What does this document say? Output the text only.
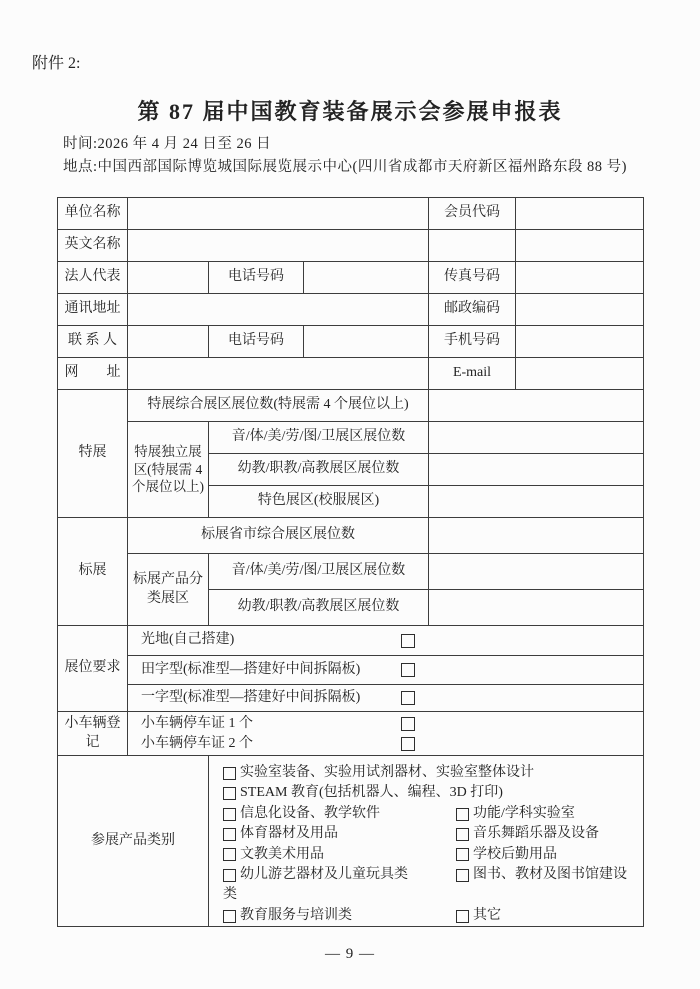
附件 2:
第 87 届中国教育装备展示会参展申报表
时间:2026 年 4 月 24 日至 26 日
地点:中国西部国际博览城国际展览展示中心(四川省成都市天府新区福州路东段 88 号)
单位名称				会员代码	
英文名称					
法人代表		电话号码		传真号码	
通讯地址				邮政编码	
联 系 人		电话号码		手机号码	
网　　址				E-mail	
特展	特展综合展区展位数(特展需 4 个展位以上)				
	特展独立展区(特展需 4 个展位以上)	音/体/美/劳/图/卫展区展位数			
		幼教/职教/高教展区展位数			
		特色展区(校服展区)			
标展	标展省市综合展区展位数				
	标展产品分类展区	音/体/美/劳/图/卫展区展位数			
		幼教/职教/高教展区展位数			
展位要求	光地(自己搭建)				

	田字型(标准型—搭建好中间拆隔板)				

	一字型(标准型—搭建好中间拆隔板)				

小车辆登记	小车辆停车证 1 个
小车辆停车证 2 个				

参展产品类别	
实验室装备、实验用试剂器材、实验室整体设计
STEAM 教育(包括机器人、编程、3D 打印)
信息化设备、教学软件	功能/学科实验室
体育器材及用品	音乐舞蹈乐器及设备
文教美术用品	学校后勤用品
幼儿游艺器材及儿童玩具类	图书、教材及图书馆建设
类
教育服务与培训类	其它
— 9 —
